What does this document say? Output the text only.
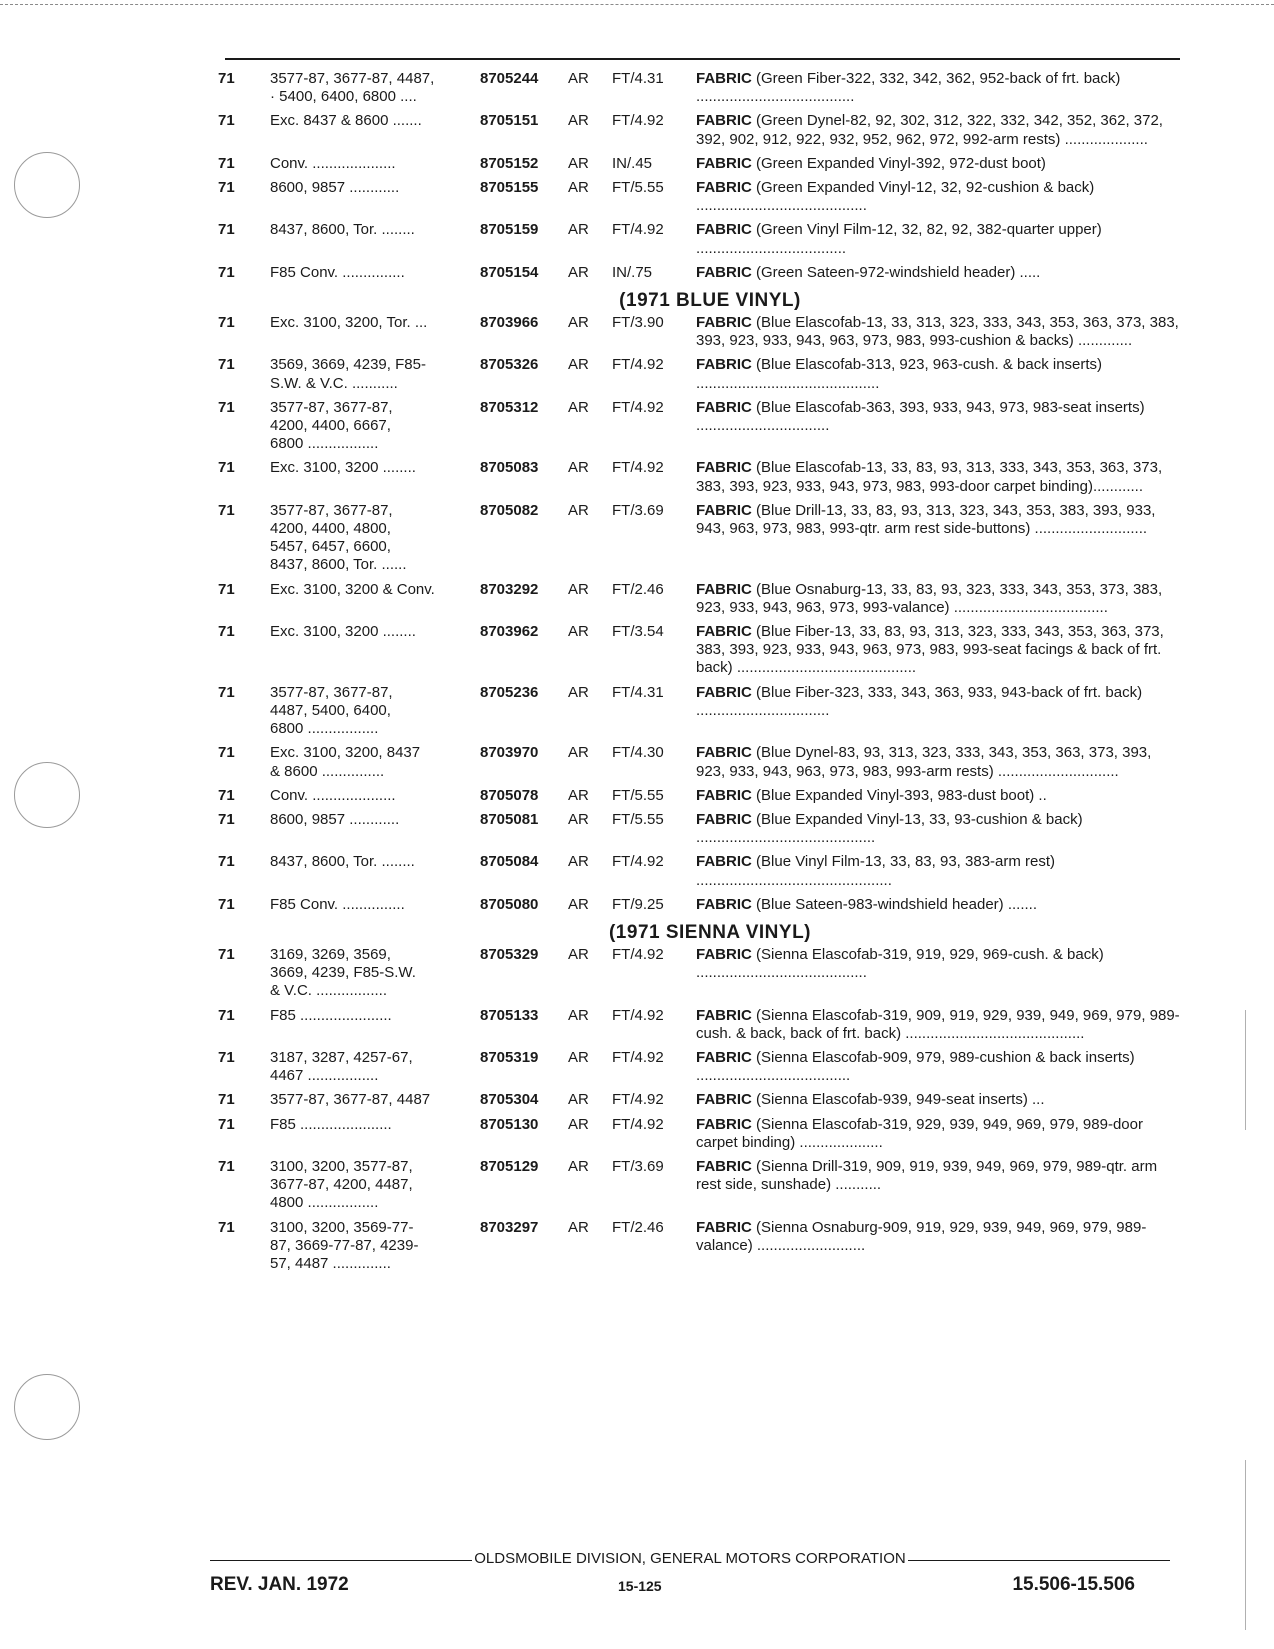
71	3577-87, 3677-87, 4487,
· 5400, 6400, 6800 ....
8705244	AR	FT/4.31	FABRIC (Green Fiber-322, 332, 342, 362, 952-back of frt. back) ......................................
71	Exc. 8437 & 8600 .......	8705151	AR	FT/4.92	FABRIC (Green Dynel-82, 92, 302, 312, 322, 332, 342, 352, 362, 372, 392, 902, 912, 922, 932, 952, 962, 972, 992-arm rests) ....................
71	Conv. ....................	8705152	AR	IN/.45	FABRIC (Green Expanded Vinyl-392, 972-dust boot)
71	8600, 9857 ............	8705155	AR	FT/5.55	FABRIC (Green Expanded Vinyl-12, 32, 92-cushion & back) .........................................
71	8437, 8600, Tor. ........	8705159	AR	FT/4.92	FABRIC (Green Vinyl Film-12, 32, 82, 92, 382-quarter upper) ....................................
71	F85 Conv. ...............	8705154	AR	IN/.75	FABRIC (Green Sateen-972-windshield header) .....
(1971 BLUE VINYL)
71	Exc. 3100, 3200, Tor. ...	8703966	AR	FT/3.90	FABRIC (Blue Elascofab-13, 33, 313, 323, 333, 343, 353, 363, 373, 383, 393, 923, 933, 943, 963, 973, 983, 993-cushion & backs) .............
71	3569, 3669, 4239, F85-
S.W. & V.C. ...........
8705326	AR	FT/4.92	FABRIC (Blue Elascofab-313, 923, 963-cush. & back inserts) ............................................
71	3577-87, 3677-87,
4200, 4400, 6667,
6800 .................
8705312	AR	FT/4.92	FABRIC (Blue Elascofab-363, 393, 933, 943, 973, 983-seat inserts) ................................
71	Exc. 3100, 3200 ........	8705083	AR	FT/4.92	FABRIC (Blue Elascofab-13, 33, 83, 93, 313, 333, 343, 353, 363, 373, 383, 393, 923, 933, 943, 973, 983, 993-door carpet binding)............
71	3577-87, 3677-87,
4200, 4400, 4800,
5457, 6457, 6600,
8437, 8600, Tor. ......
8705082	AR	FT/3.69	FABRIC (Blue Drill-13, 33, 83, 93, 313, 323, 343, 353, 383, 393, 933, 943, 963, 973, 983, 993-qtr. arm rest side-buttons) ...........................
71	Exc. 3100, 3200 & Conv.	8703292	AR	FT/2.46	FABRIC (Blue Osnaburg-13, 33, 83, 93, 323, 333, 343, 353, 373, 383, 923, 933, 943, 963, 973, 993-valance) .....................................
71	Exc. 3100, 3200 ........	8703962	AR	FT/3.54	FABRIC (Blue Fiber-13, 33, 83, 93, 313, 323, 333, 343, 353, 363, 373, 383, 393, 923, 933, 943, 963, 973, 983, 993-seat facings & back of frt. back) ...........................................
71	3577-87, 3677-87,
4487, 5400, 6400,
6800 .................
8705236	AR	FT/4.31	FABRIC (Blue Fiber-323, 333, 343, 363, 933, 943-back of frt. back) ................................
71	Exc. 3100, 3200, 8437
& 8600 ...............
8703970	AR	FT/4.30	FABRIC (Blue Dynel-83, 93, 313, 323, 333, 343, 353, 363, 373, 393, 923, 933, 943, 963, 973, 983, 993-arm rests) .............................
71	Conv. ....................	8705078	AR	FT/5.55	FABRIC (Blue Expanded Vinyl-393, 983-dust boot) ..
71	8600, 9857 ............	8705081	AR	FT/5.55	FABRIC (Blue Expanded Vinyl-13, 33, 93-cushion & back) ...........................................
71	8437, 8600, Tor. ........	8705084	AR	FT/4.92	FABRIC (Blue Vinyl Film-13, 33, 83, 93, 383-arm rest) ...............................................
71	F85 Conv. ...............	8705080	AR	FT/9.25	FABRIC (Blue Sateen-983-windshield header) .......
(1971 SIENNA VINYL)
71	3169, 3269, 3569,
3669, 4239, F85-S.W.
& V.C. .................
8705329	AR	FT/4.92	FABRIC (Sienna Elascofab-319, 919, 929, 969-cush. & back) .........................................
71	F85 ......................	8705133	AR	FT/4.92	FABRIC (Sienna Elascofab-319, 909, 919, 929, 939, 949, 969, 979, 989-cush. & back, back of frt. back) ...........................................
71	3187, 3287, 4257-67,
4467 .................
8705319	AR	FT/4.92	FABRIC (Sienna Elascofab-909, 979, 989-cushion & back inserts) .....................................
71	3577-87, 3677-87, 4487	8705304	AR	FT/4.92	FABRIC (Sienna Elascofab-939, 949-seat inserts) ...
71	F85 ......................	8705130	AR	FT/4.92	FABRIC (Sienna Elascofab-319, 929, 939, 949, 969, 979, 989-door carpet binding) ....................
71	3100, 3200, 3577-87,
3677-87, 4200, 4487,
4800 .................
8705129	AR	FT/3.69	FABRIC (Sienna Drill-319, 909, 919, 939, 949, 969, 979, 989-qtr. arm rest side, sunshade) ...........
71	3100, 3200, 3569-77-
87, 3669-77-87, 4239-
57, 4487 ..............
8703297	AR	FT/2.46	FABRIC (Sienna Osnaburg-909, 919, 929, 939, 949, 969, 979, 989-valance) ..........................
OLDSMOBILE DIVISION, GENERAL MOTORS CORPORATION
REV. JAN. 1972	15-125	15.506-15.506
